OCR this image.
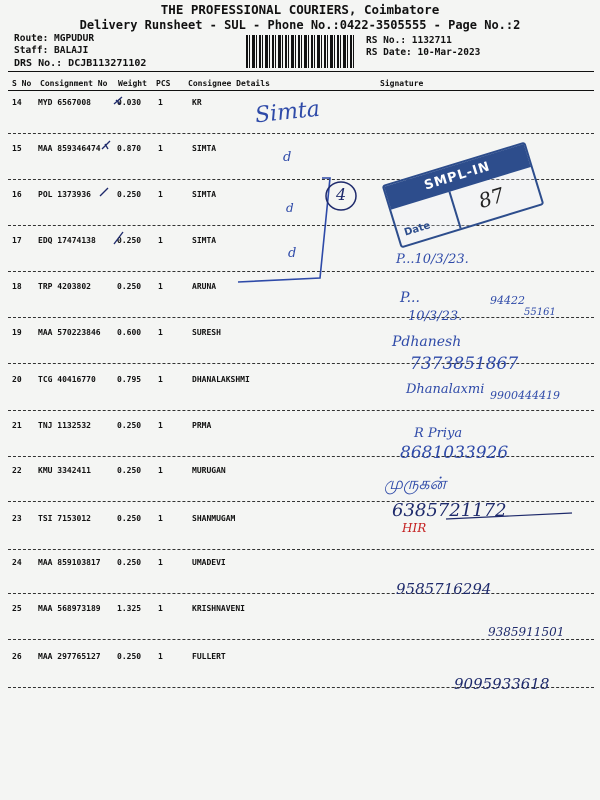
THE PROFESSIONAL COURIERS, Coimbatore
Delivery Runsheet - SUL - Phone No.:0422-3505555 - Page No.:2
Route: MGPUDUR
Staff: BALAJI
DRS No.: DCJB113271102
RS No.: 1132711
RS Date: 10-Mar-2023
S No Consignment No Weight PCS Consignee Details	Signature
14 MYD 6567008	0.030 1	KR
15 MAA 859346474 0.870 1	SIMTA
16 POL 1373936	0.250 1	SIMTA
17 EDQ 17474138	0.250 1	SIMTA
18 TRP 4203802	0.250 1	ARUNA
19 MAA 570223846 0.600 1	SURESH
20 TCG 40416770	0.795 1	DHANALAKSHMI
21 TNJ 1132532	0.250 1	PRMA
22 KMU 3342411	0.250 1	MURUGAN
23 TSI 7153012	0.250 1	SHANMUGAM
24 MAA 859103817 0.250 1	UMADEVI
25 MAA 568973189 1.325 1	KRISHNAVENI
26 MAA 297765127 0.250 1	FULLERT
SMPL-IN
Date
87
Simta
4
d
d
d	P...10/3/23.
P...
10/3/23.
94422
55161
Pdhanesh
7373851867
Dhanalaxmi 9900444419
R Priya
8681033926
முருகன்
6385721172
HIR
9585716294
9385911501
9095933618
